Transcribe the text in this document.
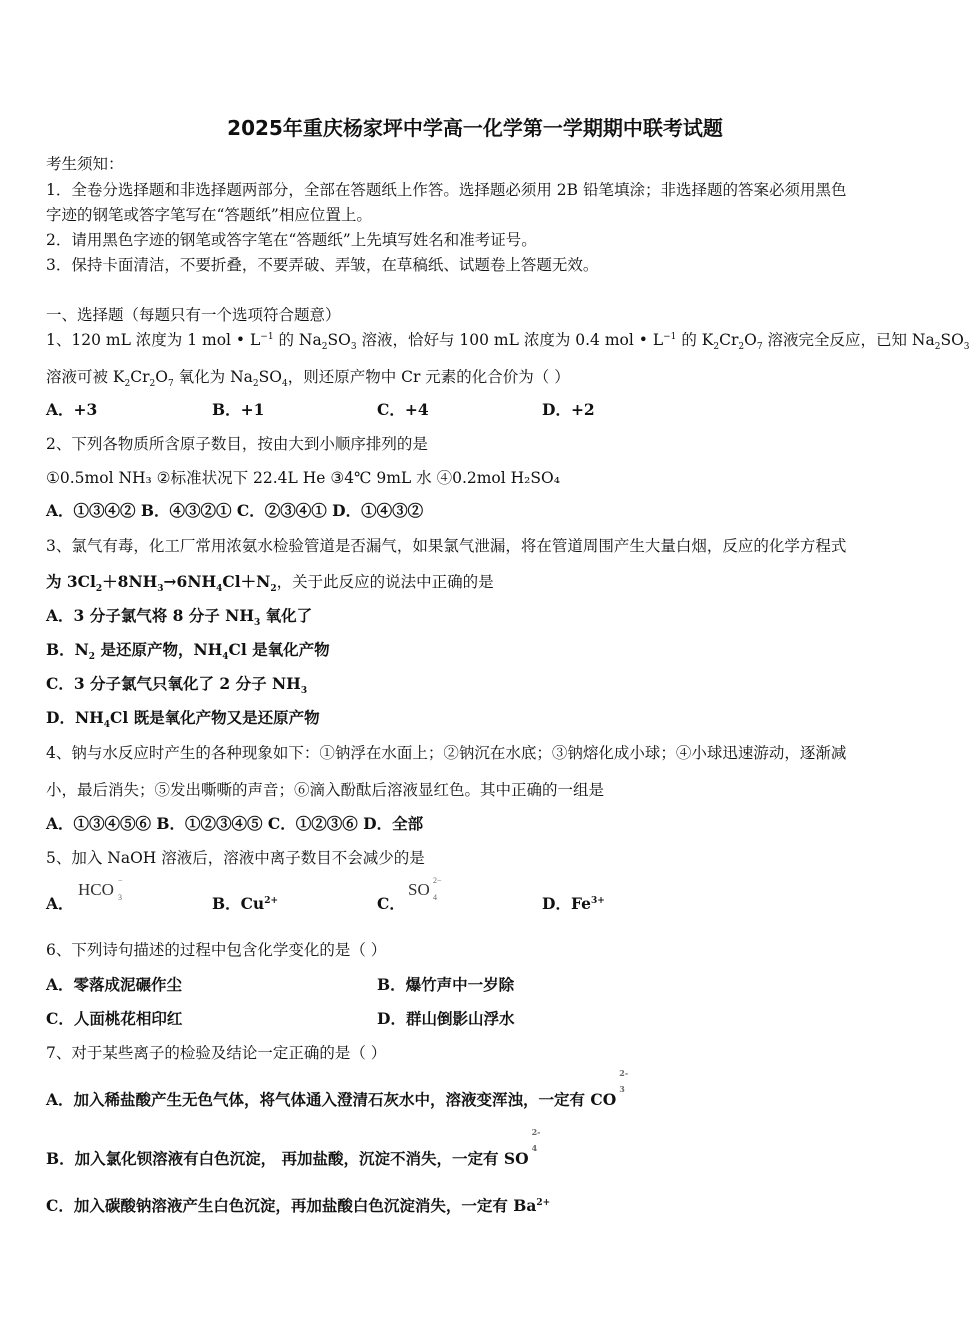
2025年重庆杨家坪中学高一化学第一学期期中联考试题
考生须知：
1．全卷分选择题和非选择题两部分，全部在答题纸上作答。选择题必须用 2B 铅笔填涂；非选择题的答案必须用黑色
字迹的钢笔或答字笔写在“答题纸”相应位置上。
2．请用黑色字迹的钢笔或答字笔在“答题纸”上先填写姓名和准考证号。
3．保持卡面清洁，不要折叠，不要弄破、弄皱，在草稿纸、试题卷上答题无效。
一、选择题（每题只有一个选项符合题意）
1、120 mL 浓度为 1 mol • $L^{-1}$ 的 $Na_2SO_3$ 溶液，恰好与 100 mL 浓度为 0.4 mol • $L^{-1}$ 的 $K_2Cr_2O_7$ 溶液完全反应，已知 $Na_2SO_3$
溶液可被 $K_2Cr_2O_7$ 氧化为 $Na_2SO_4$，则还原产物中 Cr 元素的化合价为（ ）
A．+3	B．+1	C．+4	D．+2
2、下列各物质所含原子数目，按由大到小顺序排列的是
①0.5mol NH₃ ②标准状况下 22.4L He ③4℃ 9mL 水 ④0.2mol H₂SO₄
A．①③④② B．④③②① C．②③④① D．①④③②
3、氯气有毒，化工厂常用浓氨水检验管道是否漏气，如果氯气泄漏，将在管道周围产生大量白烟，反应的化学方程式
为 $3Cl_2+8NH_3\to 6NH_4Cl+N_2$，关于此反应的说法中正确的是
A．3 分子氯气将 8 分子 $NH_3$ 氧化了
B．$N_2$ 是还原产物，$NH_4Cl$ 是氧化产物
C．3 分子氯气只氧化了 2 分子 $NH_3$
D．$NH_4Cl$ 既是氧化产物又是还原产物
4、钠与水反应时产生的各种现象如下：①钠浮在水面上；②钠沉在水底；③钠熔化成小球；④小球迅速游动，逐渐减
小，最后消失；⑤发出嘶嘶的声音；⑥滴入酚酞后溶液显红色。其中正确的一组是
A．①③④⑤⑥ B．①②③④⑤ C．①②③⑥ D．全部
5、加入 NaOH 溶液后，溶液中离子数目不会减少的是
A．
HCO −
3	B．$Cu^{2+}$	C．
SO 2−
4	D．$Fe^{3+}$
6、下列诗句描述的过程中包含化学变化的是（ ）
A．零落成泥碾作尘	B．爆竹声中一岁除
C．人面桃花相印红	D．群山倒影山浮水
7、对于某些离子的检验及结论一定正确的是（ ）
A．加入稀盐酸产生无色气体，将气体通入澄清石灰水中，溶液变浑浊，一定有 CO
2-
3
B．加入氯化钡溶液有白色沉淀， 再加盐酸，沉淀不消失，一定有 SO
2-
4
C．加入碳酸钠溶液产生白色沉淀，再加盐酸白色沉淀消失，一定有 $Ba^{2+}$
